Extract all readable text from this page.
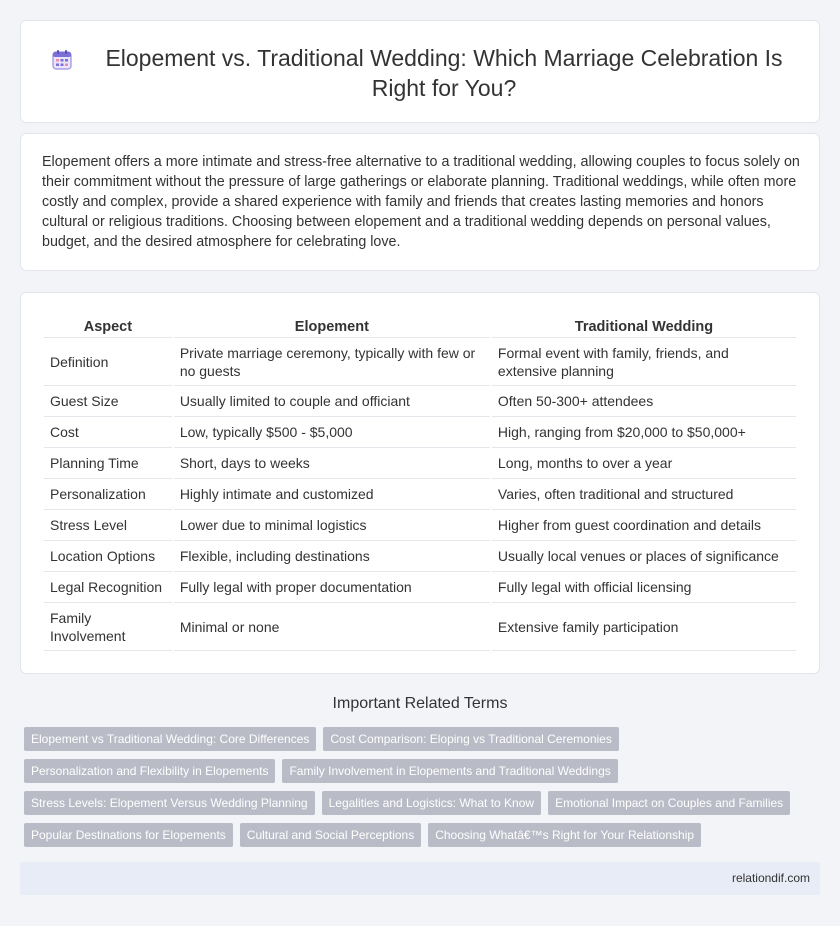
Elopement vs. Traditional Wedding: Which Marriage Celebration Is Right for You?

Elopement offers a more intimate and stress-free alternative to a traditional wedding, allowing couples to focus solely on their commitment without the pressure of large gatherings or elaborate planning. Traditional weddings, while often more costly and complex, provide a shared experience with family and friends that creates lasting memories and honors cultural or religious traditions. Choosing between elopement and a traditional wedding depends on personal values, budget, and the desired atmosphere for celebrating love.

Aspect	Elopement	Traditional Wedding
Definition	Private marriage ceremony, typically with few or no guests	Formal event with family, friends, and extensive planning
Guest Size	Usually limited to couple and officiant	Often 50-300+ attendees
Cost	Low, typically $500 - $5,000	High, ranging from $20,000 to $50,000+
Planning Time	Short, days to weeks	Long, months to over a year
Personalization	Highly intimate and customized	Varies, often traditional and structured
Stress Level	Lower due to minimal logistics	Higher from guest coordination and details
Location Options	Flexible, including destinations	Usually local venues or places of significance
Legal Recognition	Fully legal with proper documentation	Fully legal with official licensing
Family Involvement	Minimal or none	Extensive family participation
Important Related Terms
Elopement vs Traditional Wedding: Core Differences	Cost Comparison: Eloping vs Traditional Ceremonies
Personalization and Flexibility in Elopements	Family Involvement in Elopements and Traditional Weddings
Stress Levels: Elopement Versus Wedding Planning	Legalities and Logistics: What to Know	Emotional Impact on Couples and Families
Popular Destinations for Elopements	Cultural and Social Perceptions	Choosing Whatâ€™s Right for Your Relationship
relationdif.com
